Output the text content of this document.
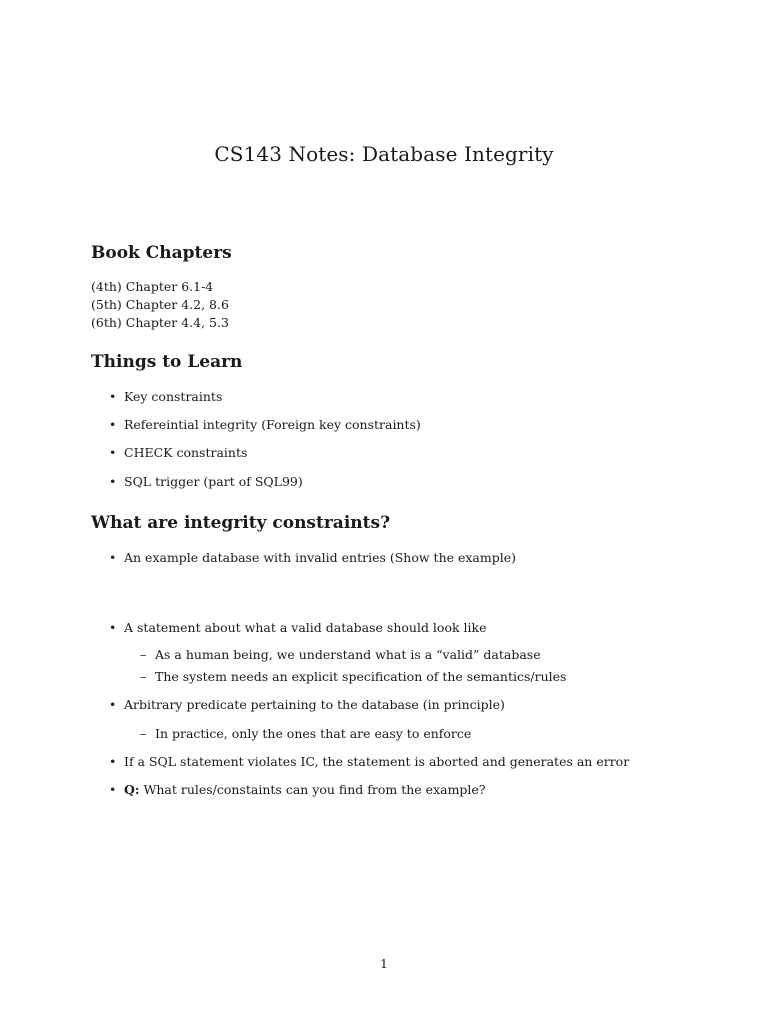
CS143 Notes: Database Integrity
Book Chapters
(4th) Chapter 6.1-4
(5th) Chapter 4.2, 8.6
(6th) Chapter 4.4, 5.3
Things to Learn
• Key constraints
• Refereintial integrity (Foreign key constraints)
• CHECK constraints
• SQL trigger (part of SQL99)
What are integrity constraints?
• An example database with invalid entries (Show the example)
• A statement about what a valid database should look like
– As a human being, we understand what is a “valid” database
– The system needs an explicit specification of the semantics/rules
• Arbitrary predicate pertaining to the database (in principle)
– In practice, only the ones that are easy to enforce
• If a SQL statement violates IC, the statement is aborted and generates an error
• Q: What rules/constaints can you find from the example?
1
